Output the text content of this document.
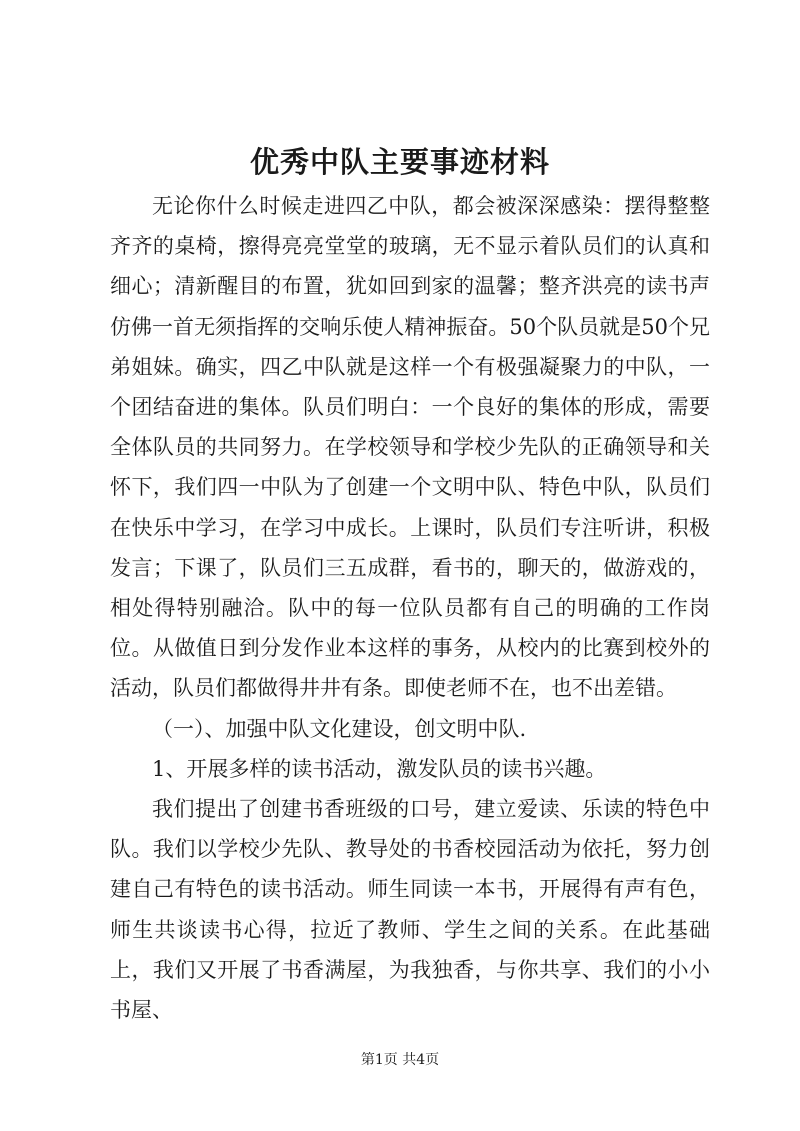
优秀中队主要事迹材料

无论你什么时候走进四乙中队，都会被深深感染：摆得整整齐齐的桌椅，擦得亮亮堂堂的玻璃，无不显示着队员们的认真和细心；清新醒目的布置，犹如回到家的温馨；整齐洪亮的读书声仿佛一首无须指挥的交响乐使人精神振奋。50个队员就是50个兄弟姐妹。确实，四乙中队就是这样一个有极强凝聚力的中队，一个团结奋进的集体。队员们明白：一个良好的集体的形成，需要全体队员的共同努力。在学校领导和学校少先队的正确领导和关怀下，我们四一中队为了创建一个文明中队、特色中队，队员们在快乐中学习，在学习中成长。上课时，队员们专注听讲，积极发言；下课了，队员们三五成群，看书的，聊天的，做游戏的，相处得特别融洽。队中的每一位队员都有自己的明确的工作岗位。从做值日到分发作业本这样的事务，从校内的比赛到校外的活动，队员们都做得井井有条。即使老师不在，也不出差错。

（一）、加强中队文化建设，创文明中队.

1、开展多样的读书活动，激发队员的读书兴趣。

我们提出了创建书香班级的口号，建立爱读、乐读的特色中队。我们以学校少先队、教导处的书香校园活动为依托，努力创建自己有特色的读书活动。师生同读一本书，开展得有声有色，师生共谈读书心得，拉近了教师、学生之间的关系。在此基础上，我们又开展了书香满屋，为我独香，与你共享、我们的小小书屋、

第1页 共4页
